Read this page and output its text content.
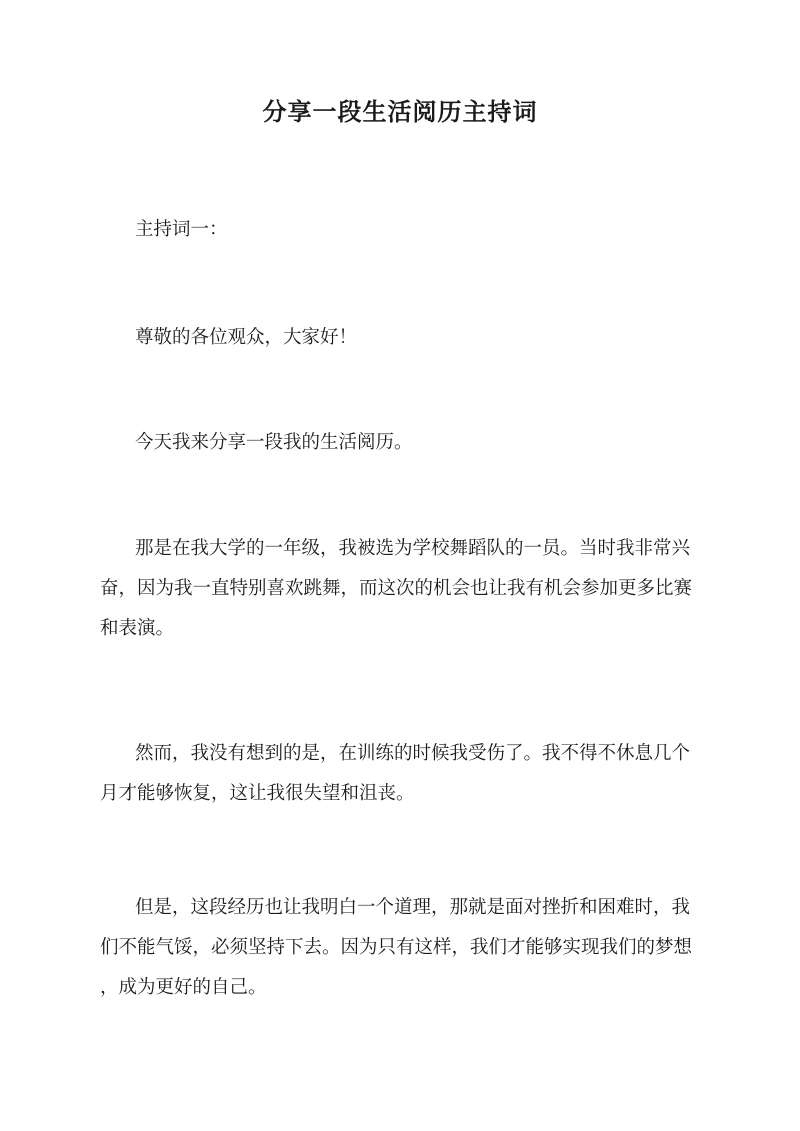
分享一段生活阅历主持词

主持词一：

尊敬的各位观众，大家好！

今天我来分享一段我的生活阅历。

那是在我大学的一年级，我被选为学校舞蹈队的一员。当时我非常兴
奋，因为我一直特别喜欢跳舞，而这次的机会也让我有机会参加更多比赛
和表演。

然而，我没有想到的是，在训练的时候我受伤了。我不得不休息几个
月才能够恢复，这让我很失望和沮丧。

但是，这段经历也让我明白一个道理，那就是面对挫折和困难时，我
们不能气馁，必须坚持下去。因为只有这样，我们才能够实现我们的梦想
，成为更好的自己。
